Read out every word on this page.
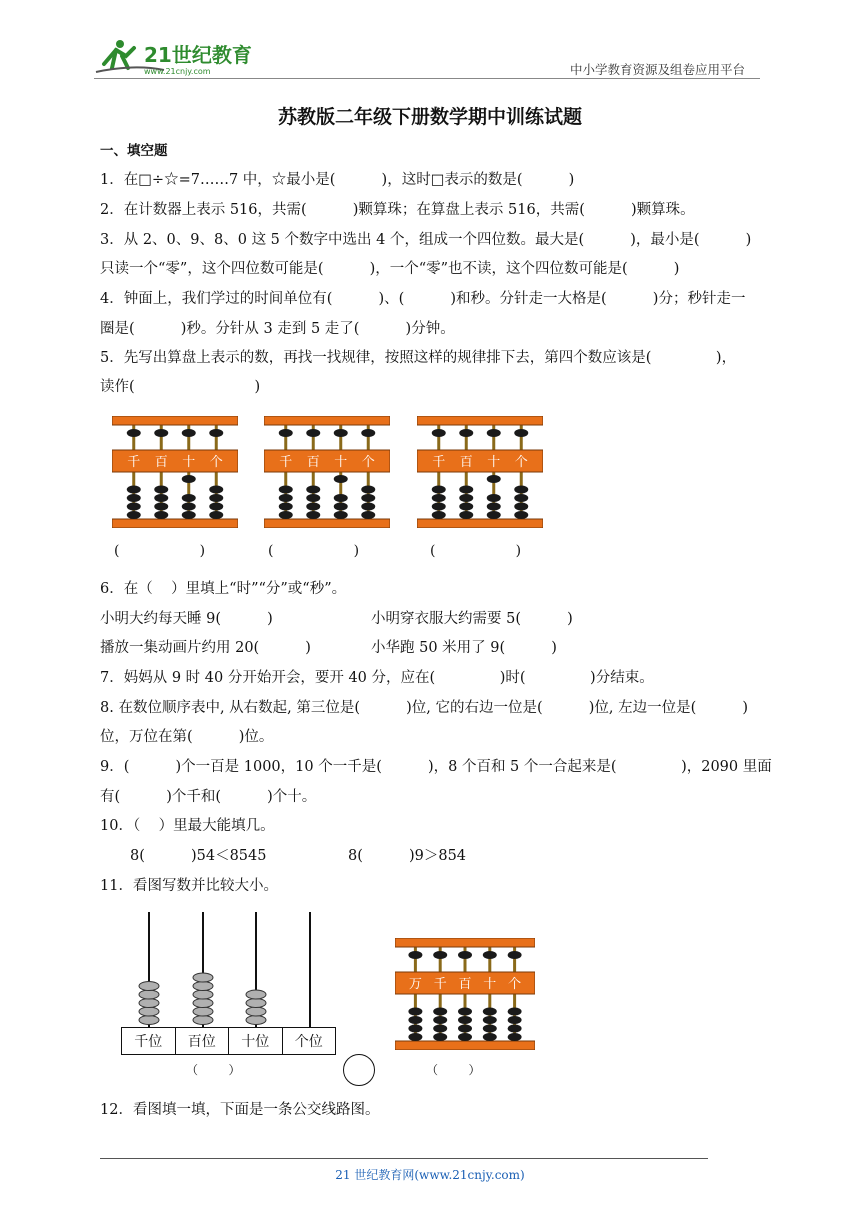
21世纪教育
www.21cnjy.com	中小学教育资源及组卷应用平台
苏教版二年级下册数学期中训练试题
一、填空题
1．在□÷☆=7……7 中，☆最小是(          )，这时□表示的数是(          )
2．在计数器上表示 516，共需(          )颗算珠；在算盘上表示 516，共需(          )颗算珠。
3．从 2、0、9、8、0 这 5 个数字中选出 4 个，组成一个四位数。最大是(          )，最小是(          )
只读一个“零”，这个四位数可能是(          )，一个“零”也不读，这个四位数可能是(          )
4．钟面上，我们学过的时间单位有(          )、(          )和秒。分针走一大格是(          )分；秒针走一
圈是(          )秒。分针从 3 走到 5 走了(          )分钟。
5．先写出算盘上表示的数，再找一找规律，按照这样的规律排下去，第四个数应该是(              )，
读作(                          )
千 百 十 个	千 百 十 个	千 百 十 个
(                  )	(                  )	(                  )
6．在（    ）里填上“时”“分”或“秒”。
小明大约每天睡 9(          )	小明穿衣服大约需要 5(          )
播放一集动画片约用 20(          )	小华跑 50 米用了 9(          )
7．妈妈从 9 时 40 分开始开会，要开 40 分，应在(              )时(              )分结束。
8. 在数位顺序表中, 从右数起, 第三位是(          )位, 它的右边一位是(          )位, 左边一位是(          )
位，万位在第(          )位。
9．(          )个一百是 1000，10 个一千是(          )，8 个百和 5 个一合起来是(              )，2090 里面
有(          )个千和(          )个十。
10．（    ）里最大能填几。
8(          )54＜8545	8(          )9＞854
11．看图写数并比较大小。
千位	百位	十位	个位
（        ）
万 千 百 十 个
（        ）
12．看图填一填，下面是一条公交线路图。
21 世纪教育网(www.21cnjy.com)
